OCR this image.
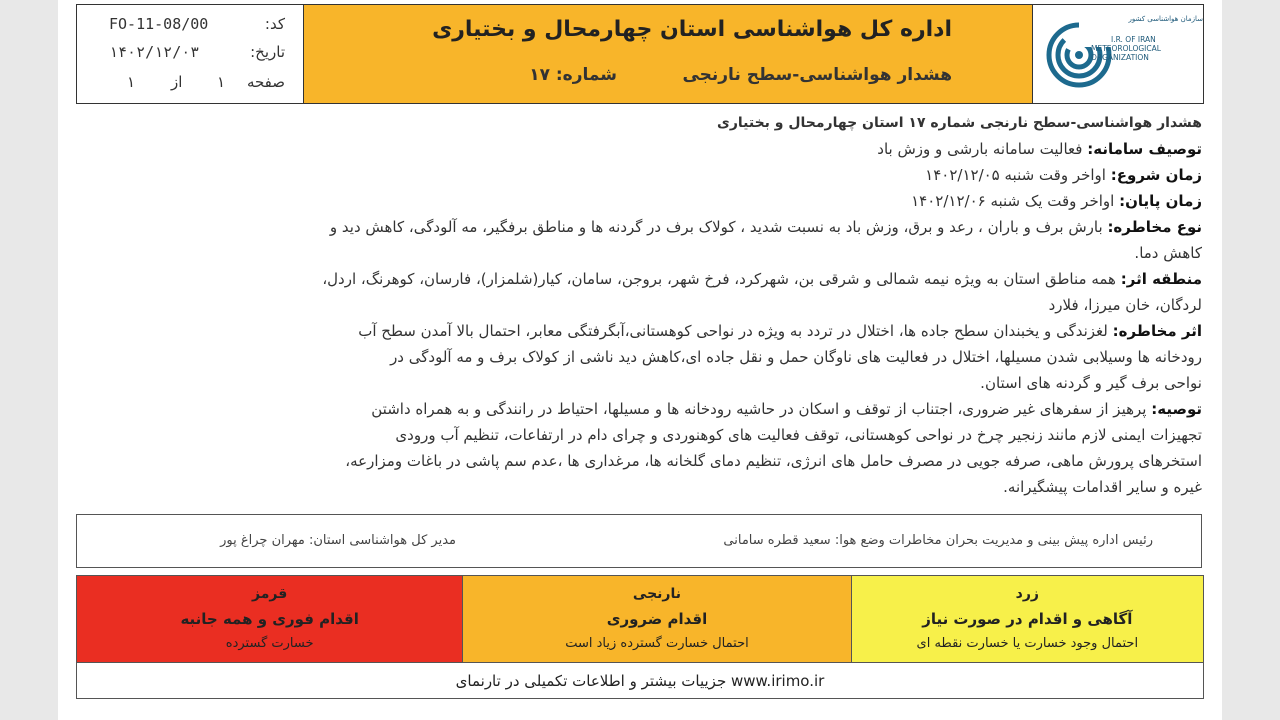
FO-11-08/00	کد:
۱۴۰۲/۱۲/۰۳	تاریخ:
۱ از ۱ صفحه
اداره کل هواشناسی استان چهارمحال و بختیاری
هشدار هواشناسی-سطح نارنجی
شماره: ۱۷
سازمان هواشناسی کشور
I.R. OF IRAN
METEOROLOGICAL
ORGANIZATION
هشدار هواشناسی-سطح نارنجی شماره ۱۷ استان چهارمحال و بختیاری
توصیف سامانه: فعالیت سامانه بارشی و وزش باد
زمان شروع: اواخر وقت شنبه ۱۴۰۲/۱۲/۰۵
زمان پایان: اواخر وقت یک شنبه ۱۴۰۲/۱۲/۰۶
نوع مخاطره: بارش برف و باران ، رعد و برق، وزش باد به نسبت شدید ، کولاک برف در گردنه ها و مناطق برفگیر، مه آلودگی، کاهش دید و
کاهش دما.
منطقه اثر: همه مناطق استان به ویژه نیمه شمالی و شرقی بن، شهرکرد، فرخ شهر، بروجن، سامان، کیار(شلمزار)، فارسان، کوهرنگ، اردل،
لردگان، خان میرزا، فلارد
اثر مخاطره: لغزندگی و یخبندان سطح جاده ها، اختلال در تردد به ویژه در نواحی کوهستانی،آبگرفتگی معابر، احتمال بالا آمدن سطح آب
رودخانه ها وسیلابی شدن مسیلها، اختلال در فعالیت های ناوگان حمل و نقل جاده ای،کاهش دید ناشی از کولاک برف و مه آلودگی در
نواحی برف گیر و گردنه های استان.
توصیه: پرهیز از سفرهای غیر ضروری، اجتناب از توقف و اسکان در حاشیه رودخانه ها و مسیلها، احتیاط در رانندگی و به همراه داشتن
تجهیزات ایمنی لازم مانند زنجیر چرخ در نواحی کوهستانی، توقف فعالیت های کوهنوردی و چرای دام در ارتفاعات، تنظیم آب ورودی
استخرهای پرورش ماهی، صرفه جویی در مصرف حامل های انرژی، تنظیم دمای گلخانه ها، مرغداری ها ،عدم سم پاشی در باغات ومزارعه،
غیره و سایر اقدامات پیشگیرانه.
رئیس اداره پیش بینی و مدیریت بحران مخاطرات وضع هوا: سعید قطره سامانی
مدیر کل هواشناسی استان: مهران چراغ پور
قرمز
اقدام فوری و همه جانبه
خسارت گسترده
نارنجی
اقدام ضروری
احتمال خسارت گسترده زیاد است
زرد
آگاهی و اقدام در صورت نیاز
احتمال وجود خسارت یا خسارت نقطه ای
جزییات بیشتر و اطلاعات تکمیلی در تارنمای www.irimo.ir
